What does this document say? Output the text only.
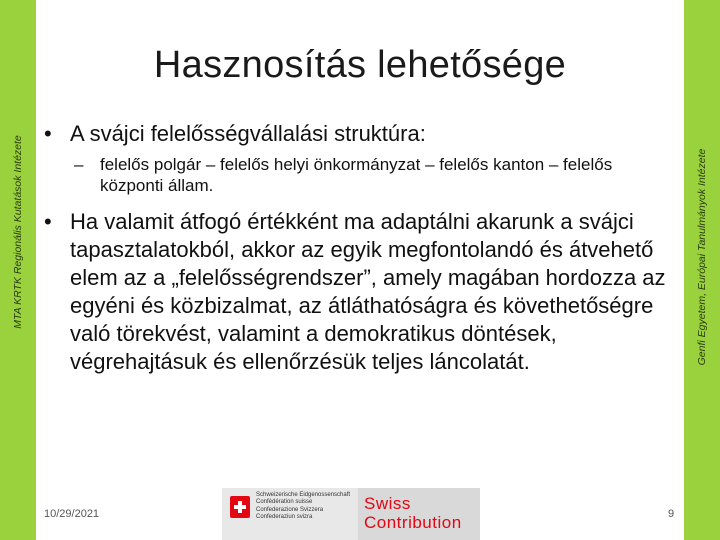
MTA KRTK Regionális Kutatások Intézete	Genfi Egyetem, Európai Tanulmányok Intézete
Hasznosítás lehetősége
• A svájci felelősségvállalási struktúra:
– felelős polgár – felelős helyi önkormányzat – felelős kanton – felelős központi állam.
• Ha valamit átfogó értékként ma adaptálni akarunk a svájci tapasztalatokból, akkor az egyik megfontolandó és átvehető elem az a „felelősségrendszer”, amely magában hordozza az egyéni és közbizalmat, az átláthatóságra és követhetőségre való törekvést, valamint a demokratikus döntések, végrehajtásuk és ellenőrzésük teljes láncolatát.
10/29/2021	9
Schweizerische Eidgenossenschaft
Confédération suisse
Confederazione Svizzera
Confederaziun svizra
Swiss
Contribution
